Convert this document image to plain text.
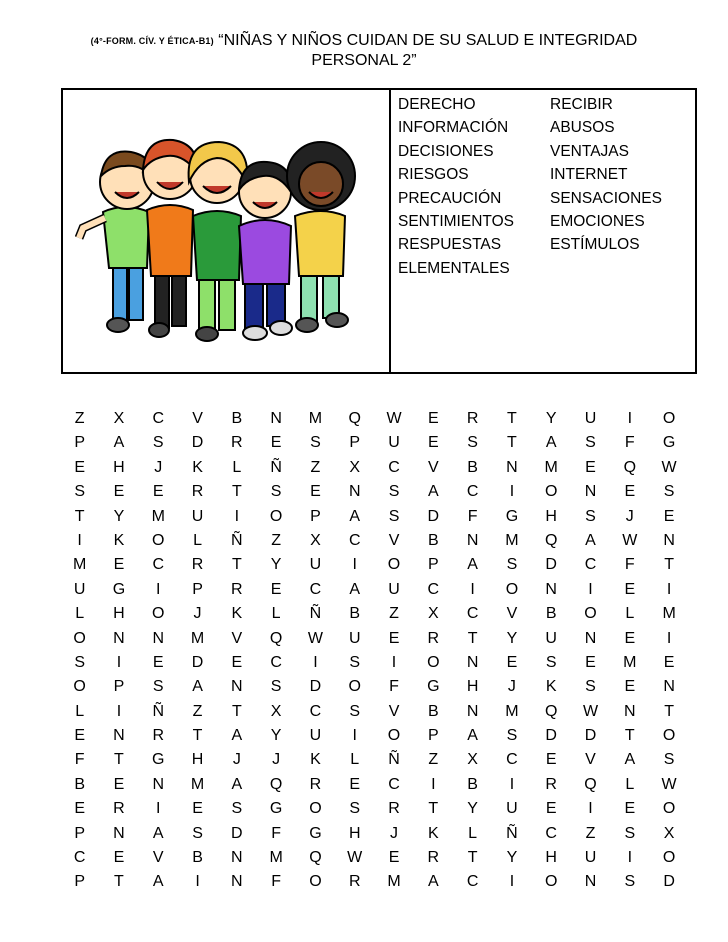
(4°-FORM. CÍV. Y ÉTICA-B1) “NIÑAS Y NIÑOS CUIDAN DE SU SALUD E INTEGRIDAD
PERSONAL 2”
DERECHO	RECIBIR
INFORMACIÓN	ABUSOS
DECISIONES	VENTAJAS
RIESGOS	INTERNET
PRECAUCIÓN	SENSACIONES
SENTIMIENTOS	EMOCIONES
RESPUESTAS	ESTÍMULOS
ELEMENTALES
Z	X	C	V	B	N	M	Q	W	E	R	T	Y	U	I	O
P	A	S	D	R	E	S	P	U	E	S	T	A	S	F	G
E	H	J	K	L	Ñ	Z	X	C	V	B	N	M	E	Q	W
S	E	E	R	T	S	E	N	S	A	C	I	O	N	E	S
T	Y	M	U	I	O	P	A	S	D	F	G	H	S	J	E
I	K	O	L	Ñ	Z	X	C	V	B	N	M	Q	A	W	N
M	E	C	R	T	Y	U	I	O	P	A	S	D	C	F	T
U	G	I	P	R	E	C	A	U	C	I	O	N	I	E	I
L	H	O	J	K	L	Ñ	B	Z	X	C	V	B	O	L	M
O	N	N	M	V	Q	W	U	E	R	T	Y	U	N	E	I
S	I	E	D	E	C	I	S	I	O	N	E	S	E	M	E
O	P	S	A	N	S	D	O	F	G	H	J	K	S	E	N
L	I	Ñ	Z	T	X	C	S	V	B	N	M	Q	W	N	T
E	N	R	T	A	Y	U	I	O	P	A	S	D	D	T	O
F	T	G	H	J	J	K	L	Ñ	Z	X	C	E	V	A	S
B	E	N	M	A	Q	R	E	C	I	B	I	R	Q	L	W
E	R	I	E	S	G	O	S	R	T	Y	U	E	I	E	O
P	N	A	S	D	F	G	H	J	K	L	Ñ	C	Z	S	X
C	E	V	B	N	M	Q	W	E	R	T	Y	H	U	I	O
P	T	A	I	N	F	O	R	M	A	C	I	O	N	S	D
